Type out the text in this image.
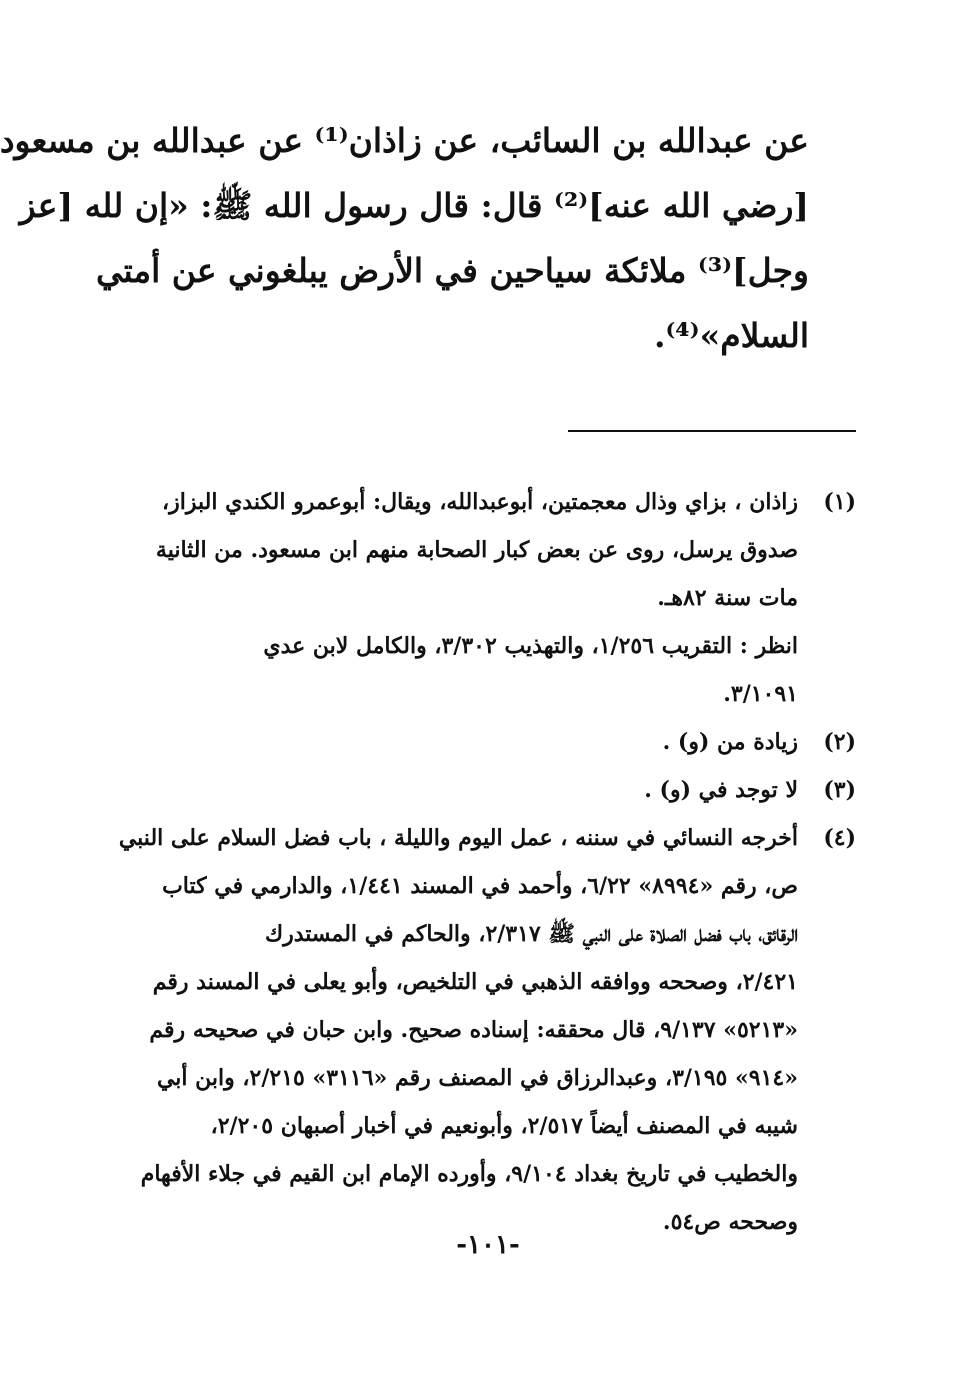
عن عبدالله بن السائب، عن زاذان⁽¹⁾ عن عبدالله بن مسعود
[رضي الله عنه]⁽²⁾ قال: قال رسول الله ﷺ: «إن لله [عز
وجل]⁽³⁾ ملائكة سياحين في الأرض يبلغوني عن أمتي
السلام»⁽⁴⁾.
(١)
زاذان ، بزاي وذال معجمتين، أبوعبدالله، ويقال: أبوعمرو الكندي البزاز،
صدوق يرسل، روى عن بعض كبار الصحابة منهم ابن مسعود. من الثانية
مات سنة ٨٢هـ.
انظر : التقريب ١/٢٥٦، والتهذيب ٣/٣٠٢، والكامل لابن عدي
٣/١٠٩١.
(٢)
زيادة من (و) .
(٣)
لا توجد في (و) .
(٤)
أخرجه النسائي في سننه ، عمل اليوم والليلة ، باب فضل السلام على النبي
ص، رقم «٨٩٩٤» ٦/٢٢، وأحمد في المسند ١/٤٤١، والدارمي في كتاب
الرقائق، باب فضل الصلاة على النبي ﷺ ٢/٣١٧، والحاكم في المستدرك
٢/٤٢١، وصححه ووافقه الذهبي في التلخيص، وأبو يعلى في المسند رقم
«٥٢١٣» ٩/١٣٧، قال محققه: إسناده صحيح. وابن حبان في صحيحه رقم
«٩١٤» ٣/١٩٥، وعبدالرزاق في المصنف رقم «٣١١٦» ٢/٢١٥، وابن أبي
شيبه في المصنف أيضاً ٢/٥١٧، وأبونعيم في أخبار أصبهان ٢/٢٠٥،
والخطيب في تاريخ بغداد ٩/١٠٤، وأورده الإمام ابن القيم في جلاء الأفهام
وصححه ص٥٤.
-١٠١-
